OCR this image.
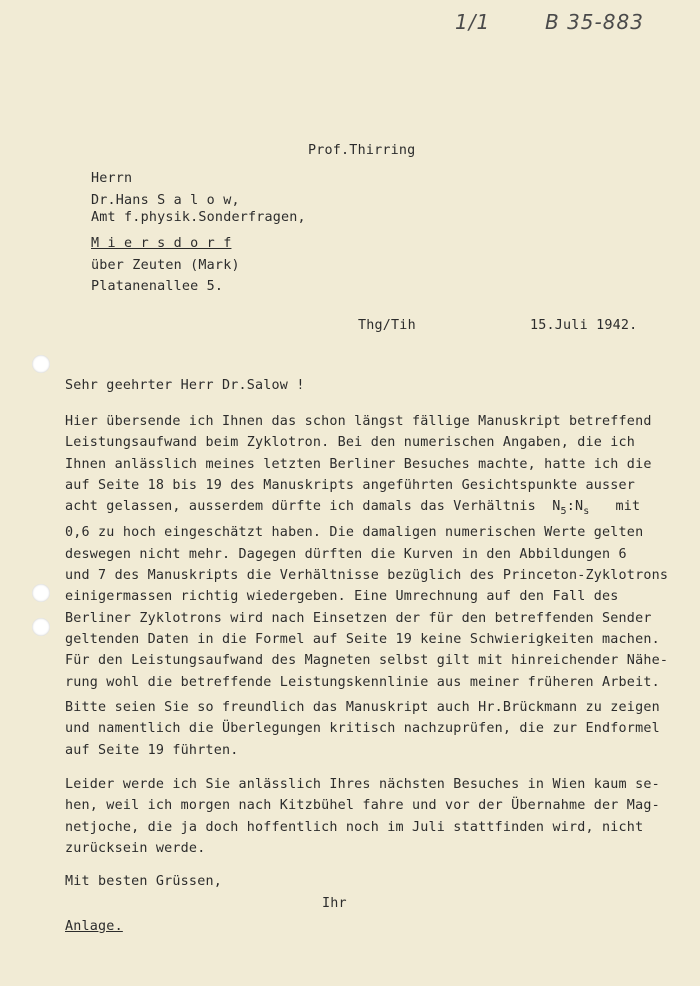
1/1	B 35-883
Prof.Thirring
Herrn
Dr.Hans S a l o w,
Amt f.physik.Sonderfragen,
M i e r s d o r f
über Zeuten (Mark)
Platanenallee 5.
Thg/Tih	15.Juli 1942.
Sehr geehrter Herr Dr.Salow !
Hier übersende ich Ihnen das schon längst fällige Manuskript betreffend
Leistungsaufwand beim Zyklotron. Bei den numerischen Angaben, die ich
Ihnen anlässlich meines letzten Berliner Besuches machte, hatte ich die
auf Seite 18 bis 19 des Manuskripts angeführten Gesichtspunkte ausser
acht gelassen, ausserdem dürfte ich damals das Verhältnis $N_5:N_s$ mit
0,6 zu hoch eingeschätzt haben. Die damaligen numerischen Werte gelten
deswegen nicht mehr. Dagegen dürften die Kurven in den Abbildungen 6
und 7 des Manuskripts die Verhältnisse bezüglich des Princeton-Zyklotrons
einigermassen richtig wiedergeben. Eine Umrechnung auf den Fall des
Berliner Zyklotrons wird nach Einsetzen der für den betreffenden Sender
geltenden Daten in die Formel auf Seite 19 keine Schwierigkeiten machen.
Für den Leistungsaufwand des Magneten selbst gilt mit hinreichender Nähe-
rung wohl die betreffende Leistungskennlinie aus meiner früheren Arbeit.
Bitte seien Sie so freundlich das Manuskript auch Hr.Brückmann zu zeigen
und namentlich die Überlegungen kritisch nachzuprüfen, die zur Endformel
auf Seite 19 führten.
Leider werde ich Sie anlässlich Ihres nächsten Besuches in Wien kaum se-
hen, weil ich morgen nach Kitzbühel fahre und vor der Übernahme der Mag-
netjoche, die ja doch hoffentlich noch im Juli stattfinden wird, nicht
zurücksein werde.
Mit besten Grüssen,
Ihr
Anlage.
